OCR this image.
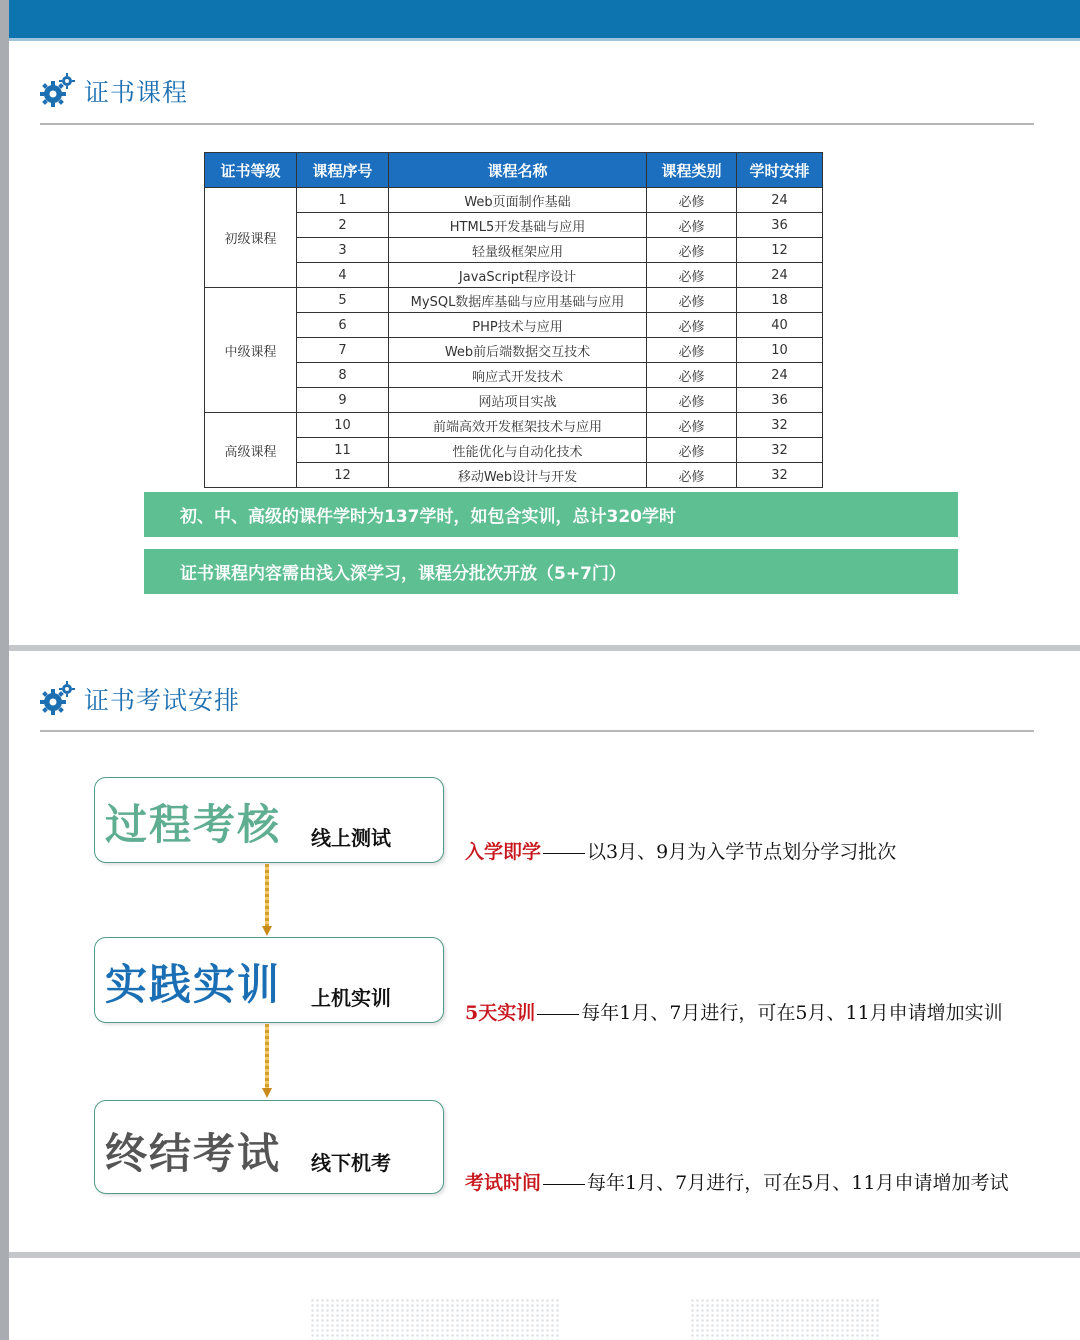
证书课程
证书等级	课程序号	课程名称	课程类别	学时安排
初级课程	1	Web页面制作基础	必修	24
	2	HTML5开发基础与应用	必修	36
	3	轻量级框架应用	必修	12
	4	JavaScript程序设计	必修	24
中级课程	5	MySQL数据库基础与应用基础与应用	必修	18
	6	PHP技术与应用	必修	40
	7	Web前后端数据交互技术	必修	10
	8	响应式开发技术	必修	24
	9	网站项目实战	必修	36
高级课程	10	前端高效开发框架技术与应用	必修	32
	11	性能优化与自动化技术	必修	32
	12	移动Web设计与开发	必修	32
初、中、高级的课件学时为137学时，如包含实训，总计320学时
证书课程内容需由浅入深学习，课程分批次开放（5+7门）
证书考试安排
过程考核 线上测试
入学即学 以3月、9月为入学节点划分学习批次
实践实训 上机实训
5天实训 每年1月、7月进行，可在5月、11月申请增加实训
终结考试 线下机考
考试时间 每年1月、7月进行，可在5月、11月申请增加考试
